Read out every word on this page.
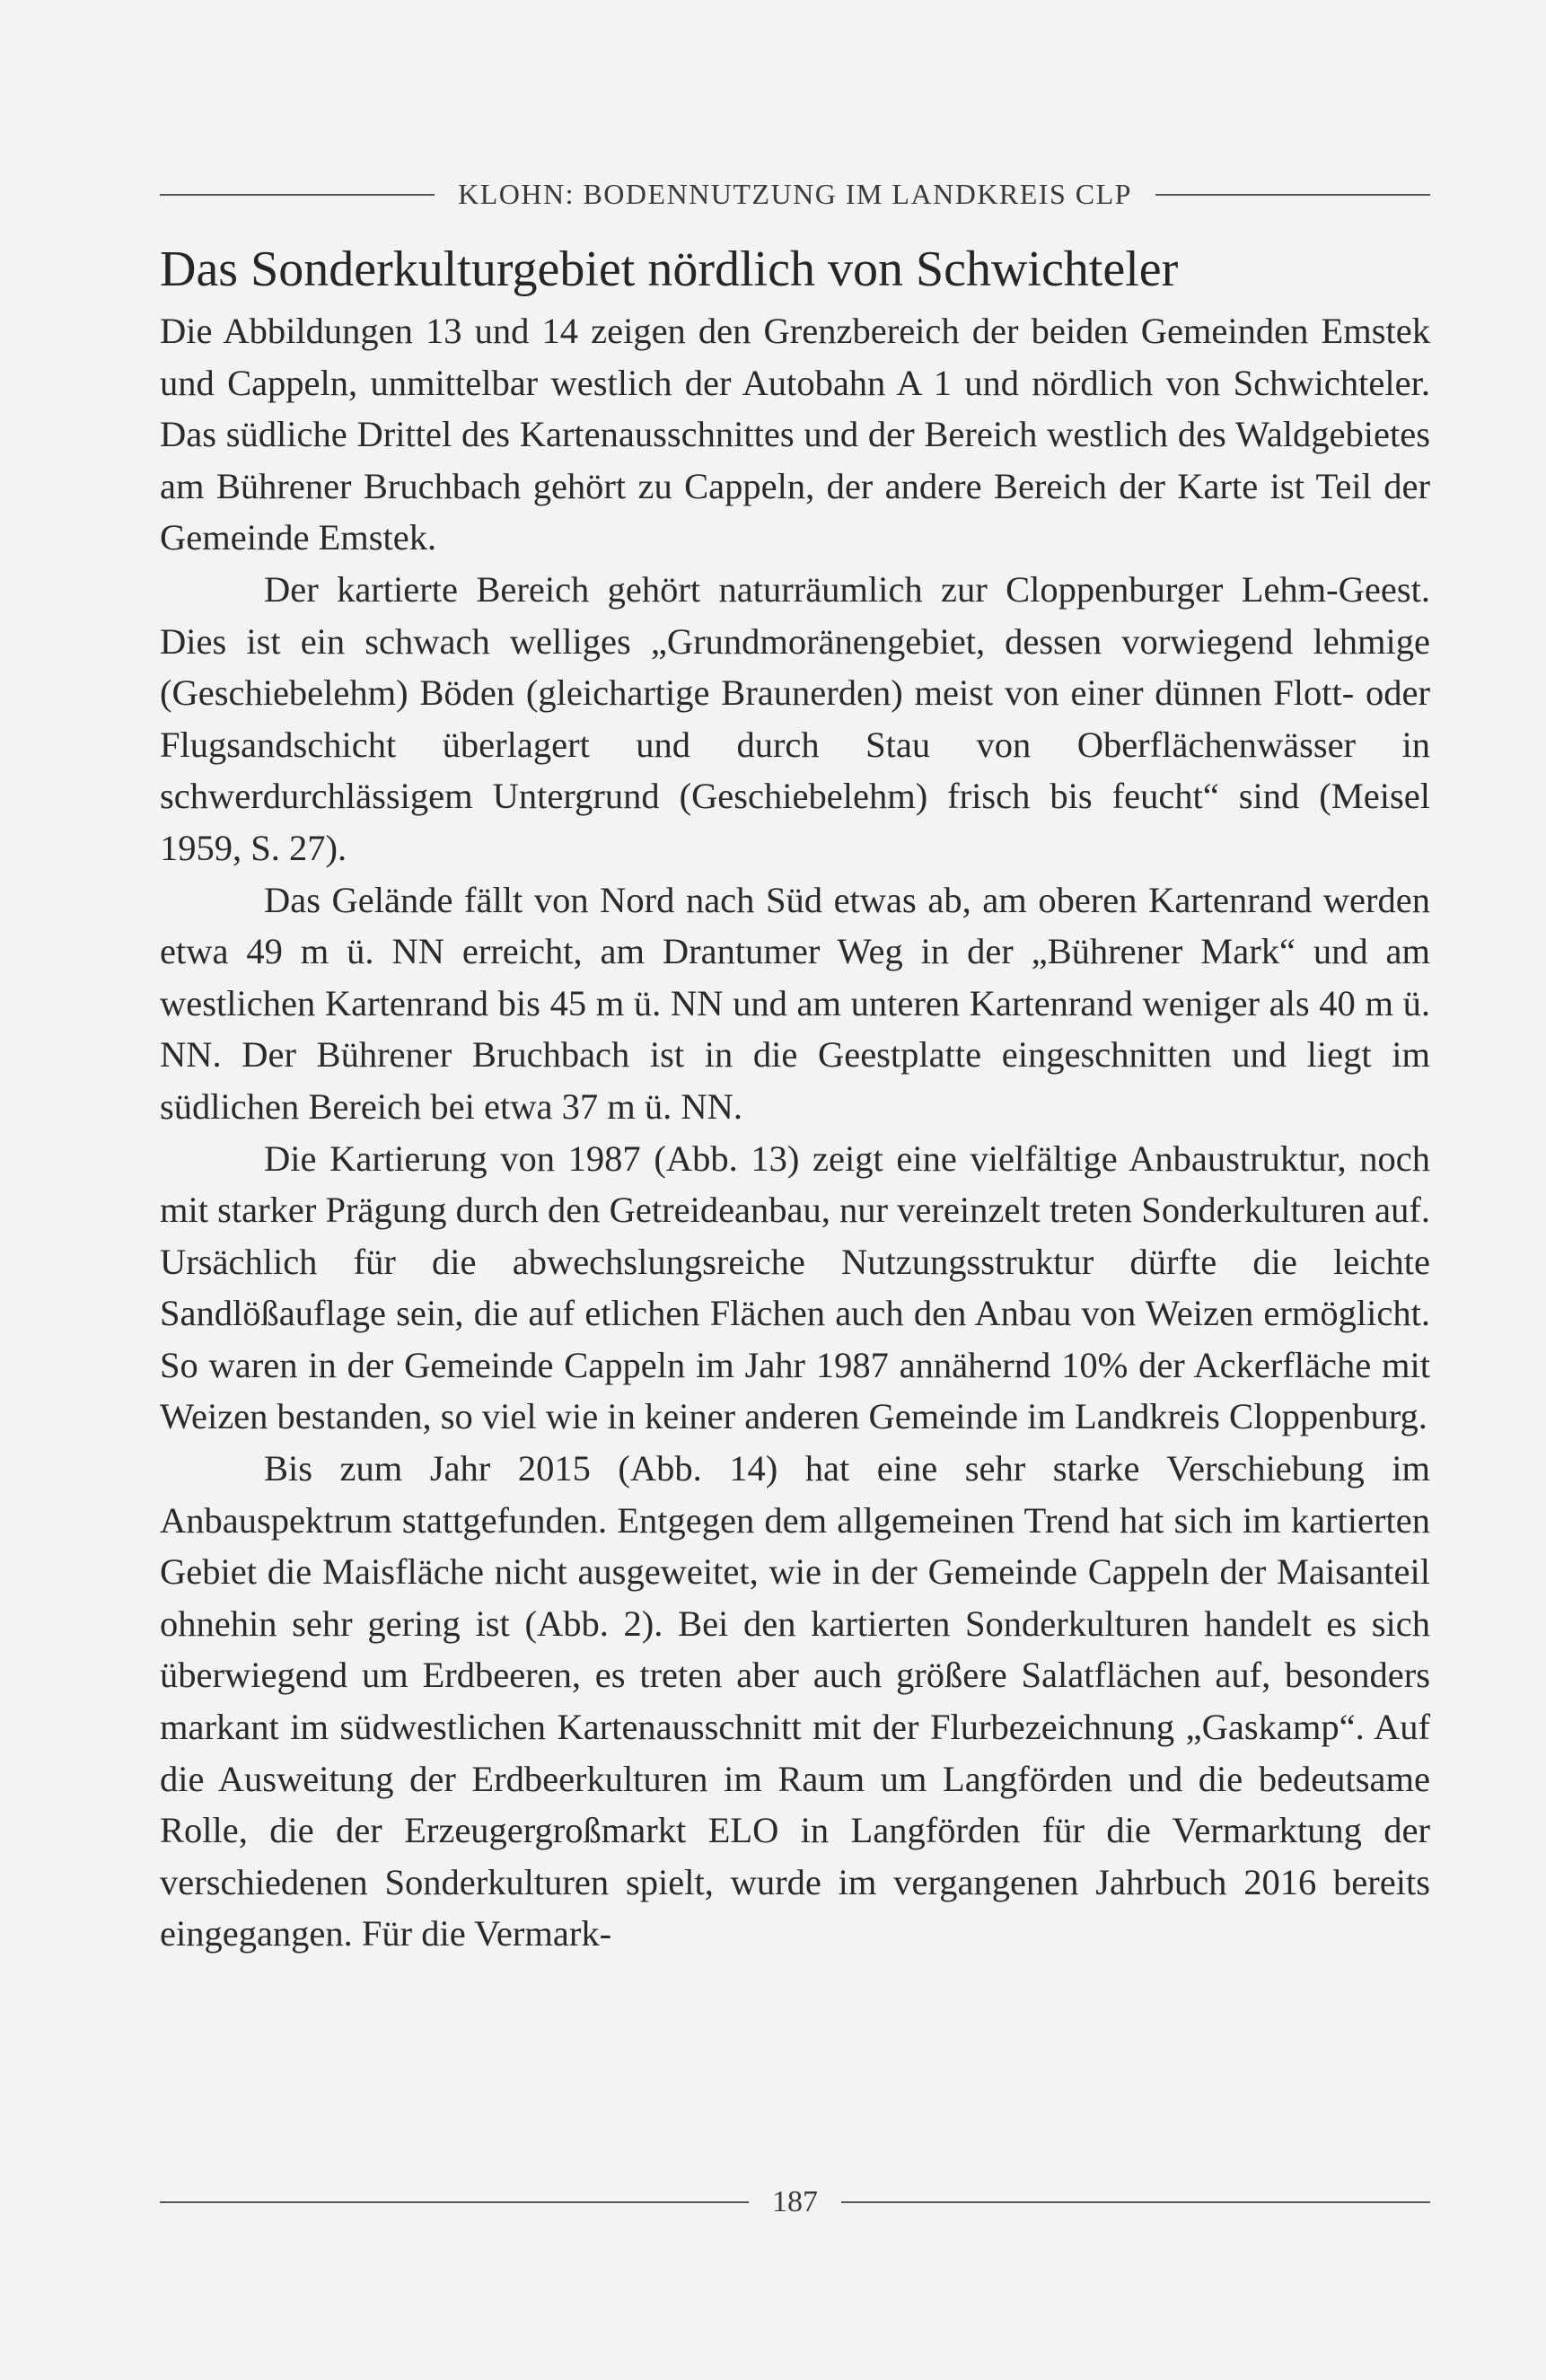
KLOHN: BODENNUTZUNG IM LANDKREIS CLP
Das Sonderkulturgebiet nördlich von Schwichteler

Die Abbildungen 13 und 14 zeigen den Grenzbereich der beiden Gemeinden Emstek und Cappeln, unmittelbar westlich der Autobahn A 1 und nördlich von Schwichteler. Das südliche Drittel des Kartenausschnittes und der Bereich westlich des Waldgebietes am Bührener Bruchbach gehört zu Cappeln, der andere Bereich der Karte ist Teil der Gemeinde Emstek.

Der kartierte Bereich gehört naturräumlich zur Cloppenburger Lehm-Geest. Dies ist ein schwach welliges „Grundmoränengebiet, dessen vorwiegend lehmige (Geschiebelehm) Böden (gleichartige Braunerden) meist von einer dünnen Flott- oder Flugsandschicht überlagert und durch Stau von Oberflächenwässer in schwerdurchlässigem Untergrund (Geschiebelehm) frisch bis feucht“ sind (Meisel 1959, S. 27).

Das Gelände fällt von Nord nach Süd etwas ab, am oberen Kartenrand werden etwa 49 m ü. NN erreicht, am Drantumer Weg in der „Bührener Mark“ und am westlichen Kartenrand bis 45 m ü. NN und am unteren Kartenrand weniger als 40 m ü. NN. Der Bührener Bruchbach ist in die Geestplatte eingeschnitten und liegt im südlichen Bereich bei etwa 37 m ü. NN.

Die Kartierung von 1987 (Abb. 13) zeigt eine vielfältige Anbaustruktur, noch mit starker Prägung durch den Getreideanbau, nur vereinzelt treten Sonderkulturen auf. Ursächlich für die abwechslungsreiche Nutzungsstruktur dürfte die leichte Sandlößauflage sein, die auf etlichen Flächen auch den Anbau von Weizen ermöglicht. So waren in der Gemeinde Cappeln im Jahr 1987 annähernd 10% der Ackerfläche mit Weizen bestanden, so viel wie in keiner anderen Gemeinde im Landkreis Cloppenburg.

Bis zum Jahr 2015 (Abb. 14) hat eine sehr starke Verschiebung im Anbauspektrum stattgefunden. Entgegen dem allgemeinen Trend hat sich im kartierten Gebiet die Maisfläche nicht ausgeweitet, wie in der Gemeinde Cappeln der Maisanteil ohnehin sehr gering ist (Abb. 2). Bei den kartierten Sonderkulturen handelt es sich überwiegend um Erdbeeren, es treten aber auch größere Salatflächen auf, besonders markant im südwestlichen Kartenausschnitt mit der Flurbezeichnung „Gaskamp“. Auf die Ausweitung der Erdbeerkulturen im Raum um Langförden und die bedeutsame Rolle, die der Erzeugergroßmarkt ELO in Langförden für die Vermarktung der verschiedenen Sonderkulturen spielt, wurde im vergangenen Jahrbuch 2016 bereits eingegangen. Für die Vermark-

187
